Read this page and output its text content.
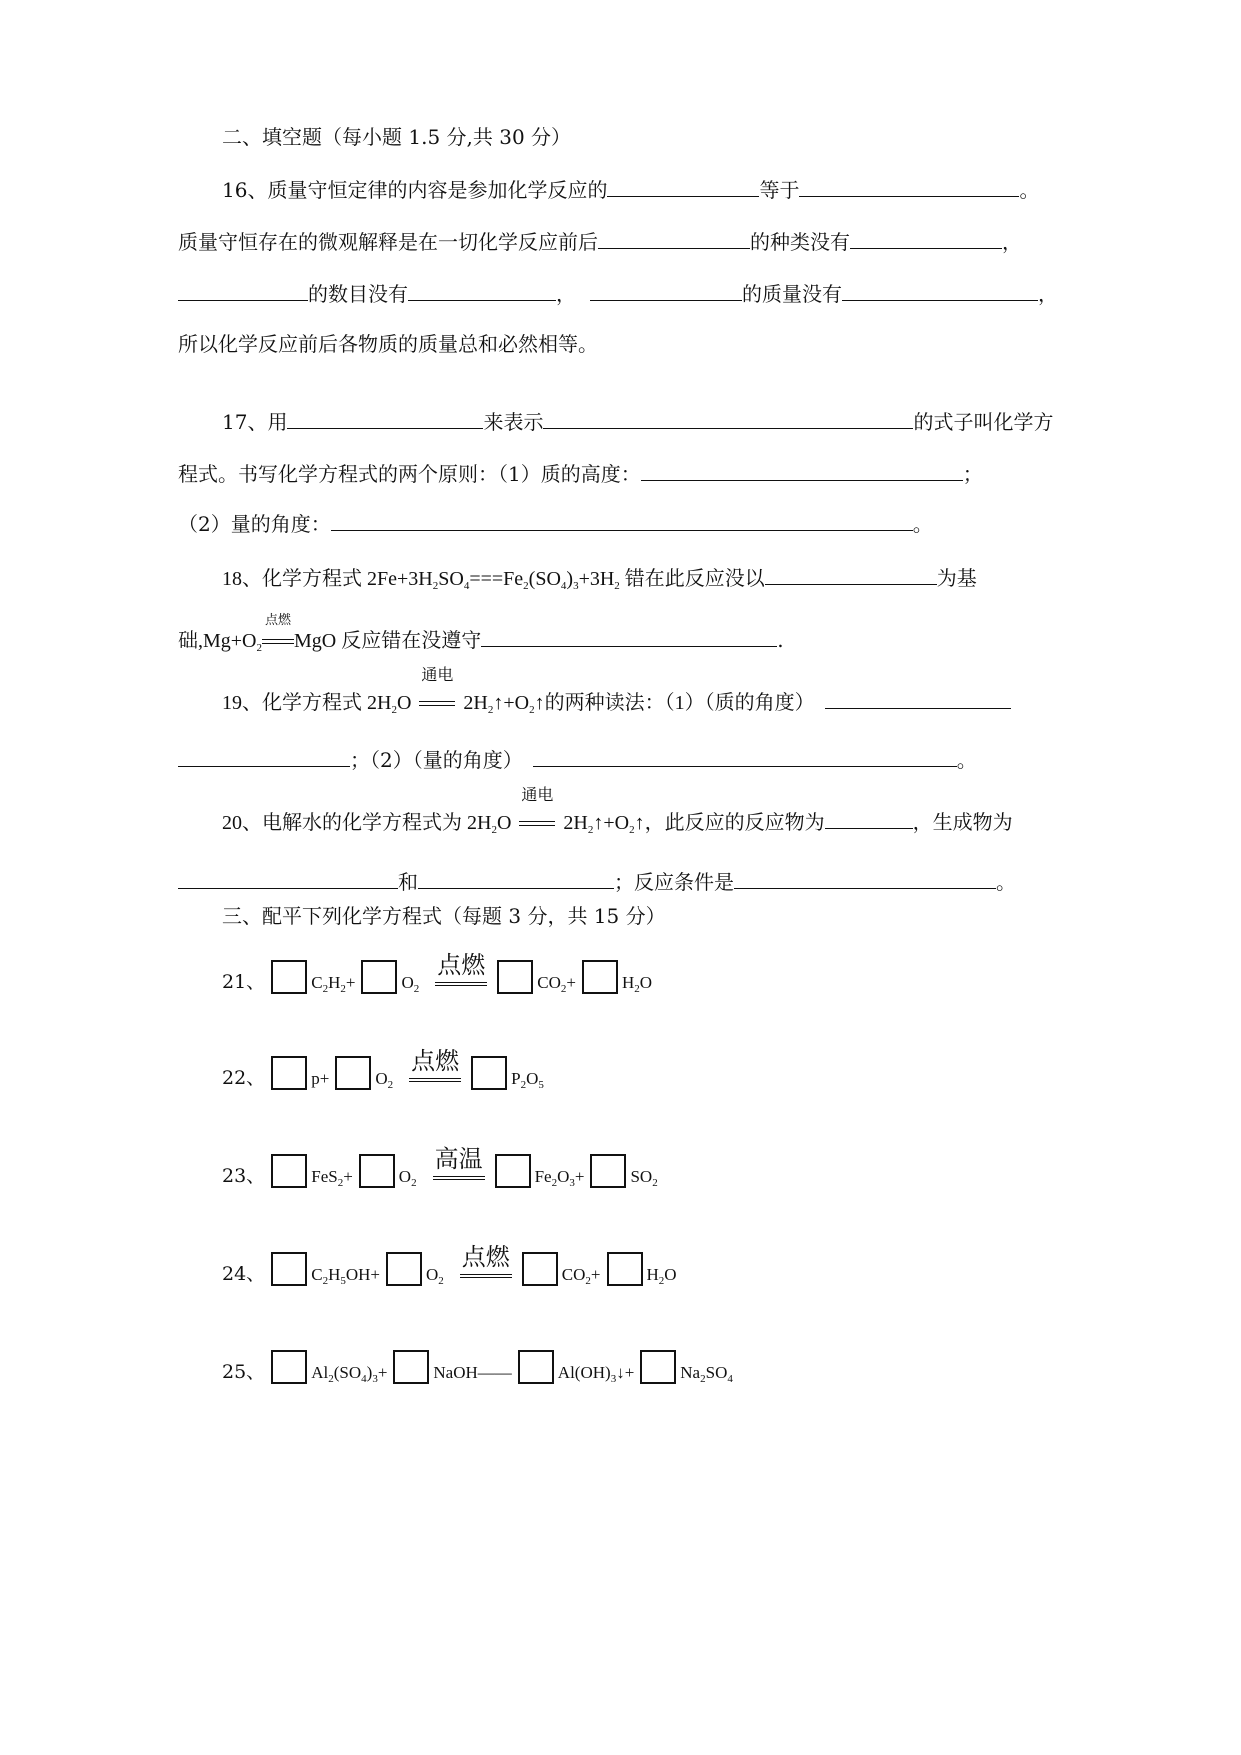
二、填空题（每小题 1.5 分,共 30 分）
16、质量守恒定律的内容是参加化学反应的	等于	。
质量守恒存在的微观解释是在一切化学反应前后	的种类没有	，
的数目没有	，	的质量没有	，
所以化学反应前后各物质的质量总和必然相等。
17、用	来表示	的式子叫化学方
程式。书写化学方程式的两个原则：（1）质的高度：	；
（2）量的角度：	。
18、化学方程式 $2Fe+3H_2SO_4===Fe_2(SO_4)_3+3H_2$ 错在此反应没以	为基
础$,Mg+O_2$
点燃
MgO 反应错在没遵守	.
19、化学方程式 $2H_2O$
通电
$2H_2↑+O_2↑$的两种读法：（1）（质的角度）
；（2）（量的角度）	。
20、电解水的化学方程式为 $2H_2O$
通电
$2H_2↑+O_2↑$，此反应的反应物为	，生成物为
和	；反应条件是	。
三、配平下列化学方程式（每题 3 分，共 15 分）
21、	$C_2H_2+$	$O_2$
点燃
$CO_2+$	$H_2O$
22、	p+	$O_2$
点燃
$P_2O_5$
23、	FeS$_2$+	$O_2$
高温
$Fe_2O_3+$	$SO_2$
24、	$C_2H_5OH+$	$O_2$
点燃
$CO_2+$	$H_2O$
25、	$Al_2(SO_4)_3+$	NaOH——	$Al(OH)_3↓+$	$Na_2SO_4$
